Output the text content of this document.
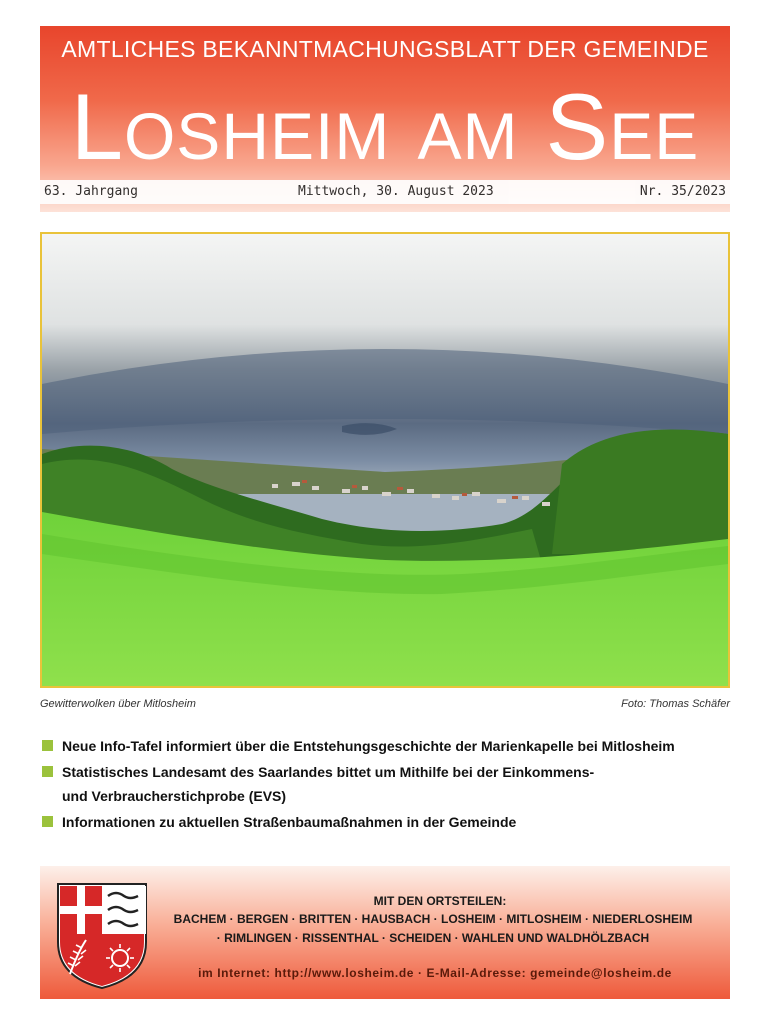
AMTLICHES BEKANNTMACHUNGSBLATT DER GEMEINDE
Losheim am See
63. Jahrgang	Mittwoch, 30. August 2023	Nr. 35/2023
Gewitterwolken über Mitlosheim	Foto: Thomas Schäfer
Neue Info-Tafel informiert über die Entstehungsgeschichte der Marienkapelle bei Mitlosheim
Statistisches Landesamt des Saarlandes bittet um Mithilfe bei der Einkommens-
und Verbraucherstichprobe (EVS)
Informationen zu aktuellen Straßenbaumaßnahmen in der Gemeinde
MIT DEN ORTSTEILEN:
BACHEM · BERGEN · BRITTEN · HAUSBACH · LOSHEIM · MITLOSHEIM · NIEDERLOSHEIM
· RIMLINGEN · RISSENTHAL · SCHEIDEN · WAHLEN UND WALDHÖLZBACH
im Internet: http://www.losheim.de · E-Mail-Adresse: gemeinde@losheim.de
